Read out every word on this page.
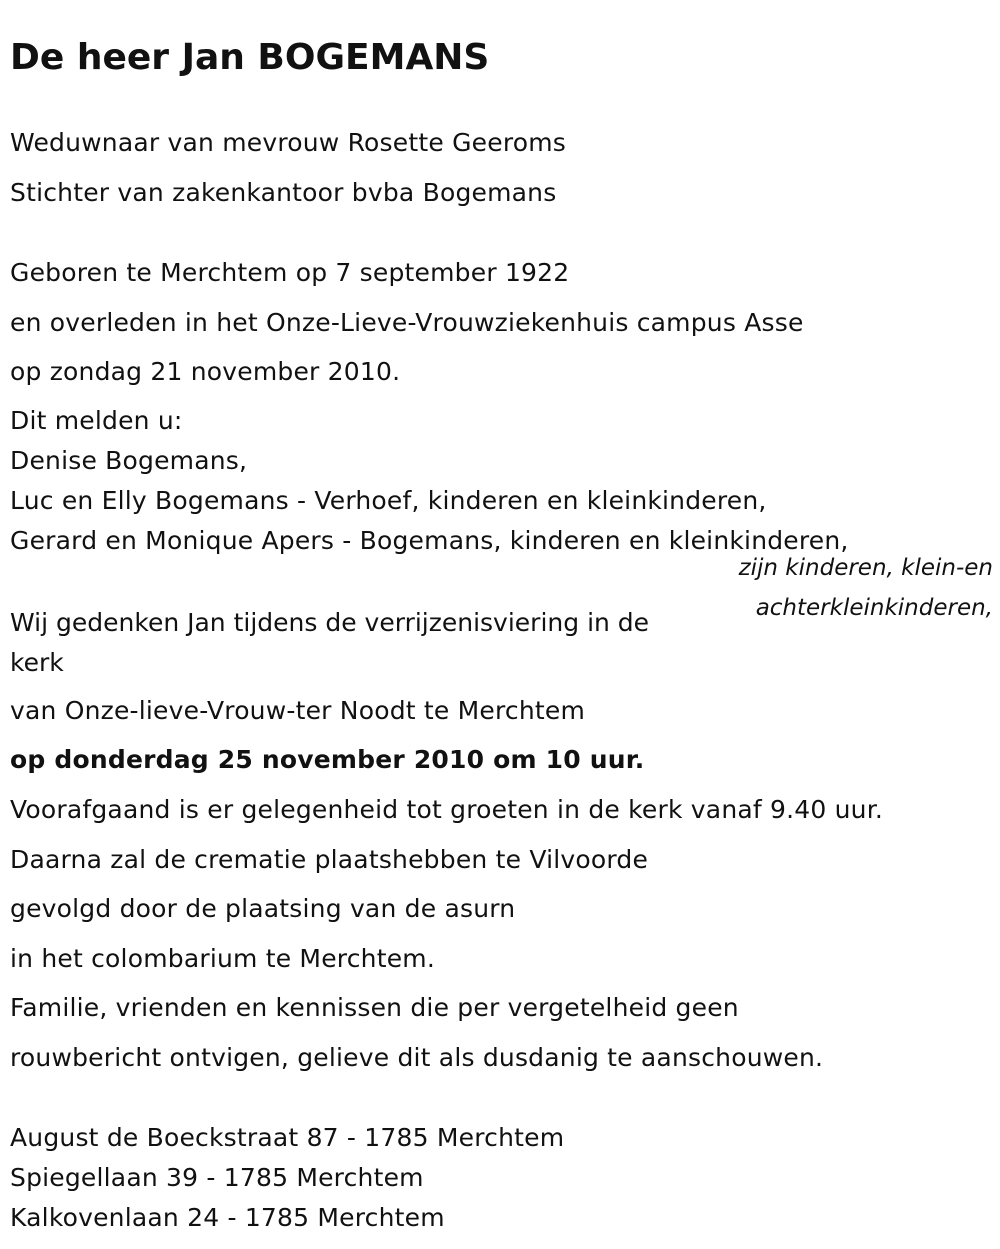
De heer Jan BOGEMANS
Weduwnaar van mevrouw Rosette Geeroms
Stichter van zakenkantoor bvba Bogemans
Geboren te Merchtem op 7 september 1922
en overleden in het Onze-Lieve-Vrouwziekenhuis campus Asse
op zondag 21 november 2010.
Dit melden u:
Denise Bogemans,
Luc en Elly Bogemans - Verhoef, kinderen en kleinkinderen,
Gerard en Monique Apers - Bogemans, kinderen en kleinkinderen,
zijn kinderen, klein-en achterkleinkinderen,
Wij gedenken Jan tijdens de verrijzenisviering in de kerk
van Onze-lieve-Vrouw-ter Noodt te Merchtem
op donderdag 25 november 2010 om 10 uur.
Voorafgaand is er gelegenheid tot groeten in de kerk vanaf 9.40 uur.
Daarna zal de crematie plaatshebben te Vilvoorde
gevolgd door de plaatsing van de asurn
in het colombarium te Merchtem.
Familie, vrienden en kennissen die per vergetelheid geen
rouwbericht ontvigen, gelieve dit als dusdanig te aanschouwen.
August de Boeckstraat 87 - 1785 Merchtem
Spiegellaan 39 - 1785 Merchtem
Kalkovenlaan 24 - 1785 Merchtem
